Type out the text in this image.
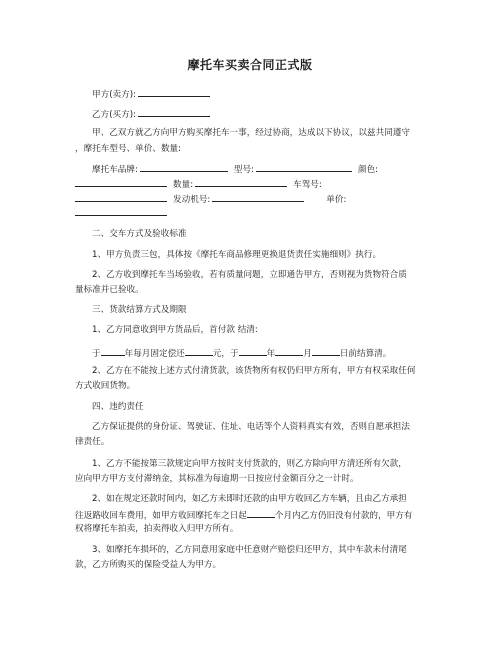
摩托车买卖合同正式版
甲方(卖方):
乙方(买方):
甲、乙双方就乙方向甲方购买摩托车一事，经过协商，达成以下协议，以兹共同遵守
，摩托车型号、单价、数量:
摩托车品牌:	型号:	颜色:
数量:	车驾号:
发动机号:	单价:
二、交车方式及验收标准
1、甲方负责三包，具体按《摩托车商品修理更换退货责任实施细则》执行。
2、乙方收到摩托车当场验收，若有质量问题，立即通告甲方，否则视为货物符合质
量标准并已验收。
三、货款结算方式及期限
1、乙方同意收到甲方货品后，首付款 结清:
于	年每月固定偿还	元，于	年	月	日前结算清。
2、乙方在不能按上述方式付清货款，该货物所有权仍归甲方所有，甲方有权采取任何
方式收回货物。
四、违约责任
乙方保证提供的身份证、驾驶证、住址、电话等个人资料真实有效，否则自愿承担法
律责任。
1、乙方不能按第三款规定向甲方按时支付货款的，则乙方除向甲方清还所有欠款，
应向甲方甲方支付滞纳金，其标准为每逾期一日按应付金额百分之一计时。
2、如在规定还款时间内，如乙方未即时还款的由甲方收回乙方车辆，且由乙方承担
往返路收回车费用，如甲方收回摩托车之日起	个月内乙方仍旧没有付款的，甲方有
权将摩托车拍卖，拍卖得收入归甲方所有。
3、如摩托车损坏的，乙方同意用家庭中任意财产赔偿归还甲方，其中车款未付清尾
款，乙方所购买的保险受益人为甲方。
